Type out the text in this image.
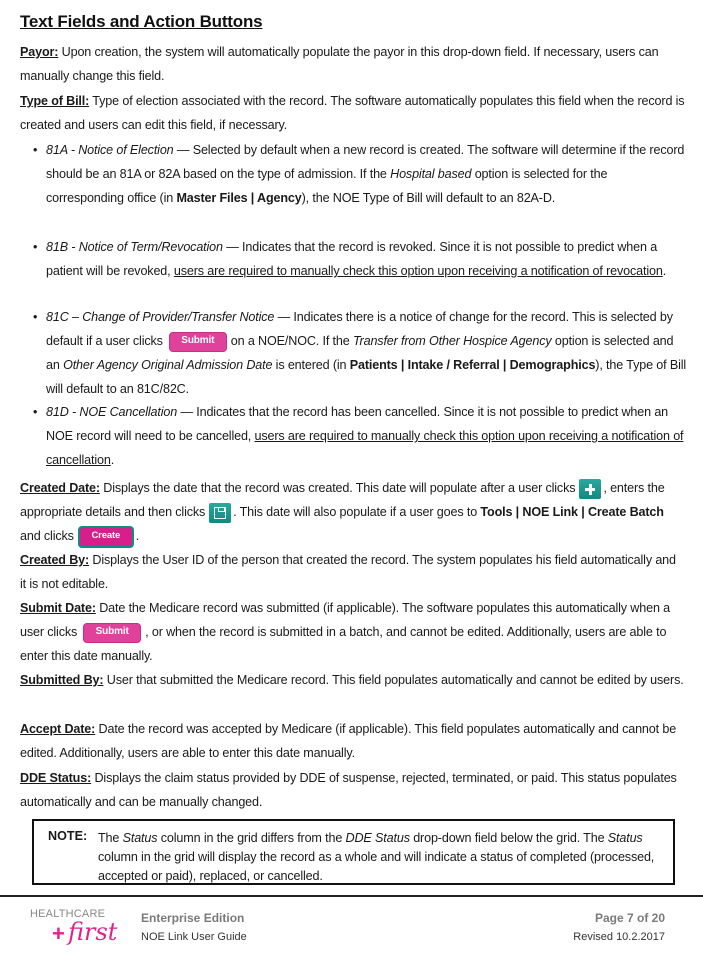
Text Fields and Action Buttons
Payor: Upon creation, the system will automatically populate the payor in this drop-down field. If necessary, users can manually change this field.
Type of Bill: Type of election associated with the record. The software automatically populates this field when the record is created and users can edit this field, if necessary.
• 81A - Notice of Election — Selected by default when a new record is created. The software will determine if the record should be an 81A or 82A based on the type of admission. If the Hospital based option is selected for the corresponding office (in Master Files | Agency), the NOE Type of Bill will default to an 82A-D.
• 81B - Notice of Term/Revocation — Indicates that the record is revoked. Since it is not possible to predict when a patient will be revoked, users are required to manually check this option upon receiving a notification of revocation.
• 81C – Change of Provider/Transfer Notice — Indicates there is a notice of change for the record. This is selected by default if a user clicks Submit on a NOE/NOC. If the Transfer from Other Hospice Agency option is selected and an Other Agency Original Admission Date is entered (in Patients | Intake / Referral | Demographics), the Type of Bill will default to an 81C/82C.
• 81D - NOE Cancellation — Indicates that the record has been cancelled. Since it is not possible to predict when an NOE record will need to be cancelled, users are required to manually check this option upon receiving a notification of cancellation.
Created Date: Displays the date that the record was created. This date will populate after a user clicks , enters the appropriate details and then clicks . This date will also populate if a user goes to Tools | NOE Link | Create Batch and clicks Create .
Created By: Displays the User ID of the person that created the record. The system populates his field automatically and it is not editable.
Submit Date: Date the Medicare record was submitted (if applicable). The software populates this automatically when a user clicks Submit , or when the record is submitted in a batch, and cannot be edited. Additionally, users are able to enter this date manually.
Submitted By: User that submitted the Medicare record. This field populates automatically and cannot be edited by users.
Accept Date: Date the record was accepted by Medicare (if applicable). This field populates automatically and cannot be edited. Additionally, users are able to enter this date manually.
DDE Status: Displays the claim status provided by DDE of suspense, rejected, terminated, or paid. This status populates automatically and can be manually changed.
NOTE: The Status column in the grid differs from the DDE Status drop-down field below the grid. The Status column in the grid will display the record as a whole and will indicate a status of completed (processed, accepted or paid), replaced, or cancelled.
HEALTHCARE
+ first Enterprise Edition
NOE Link User Guide
Page 7 of 20
Revised 10.2.2017
